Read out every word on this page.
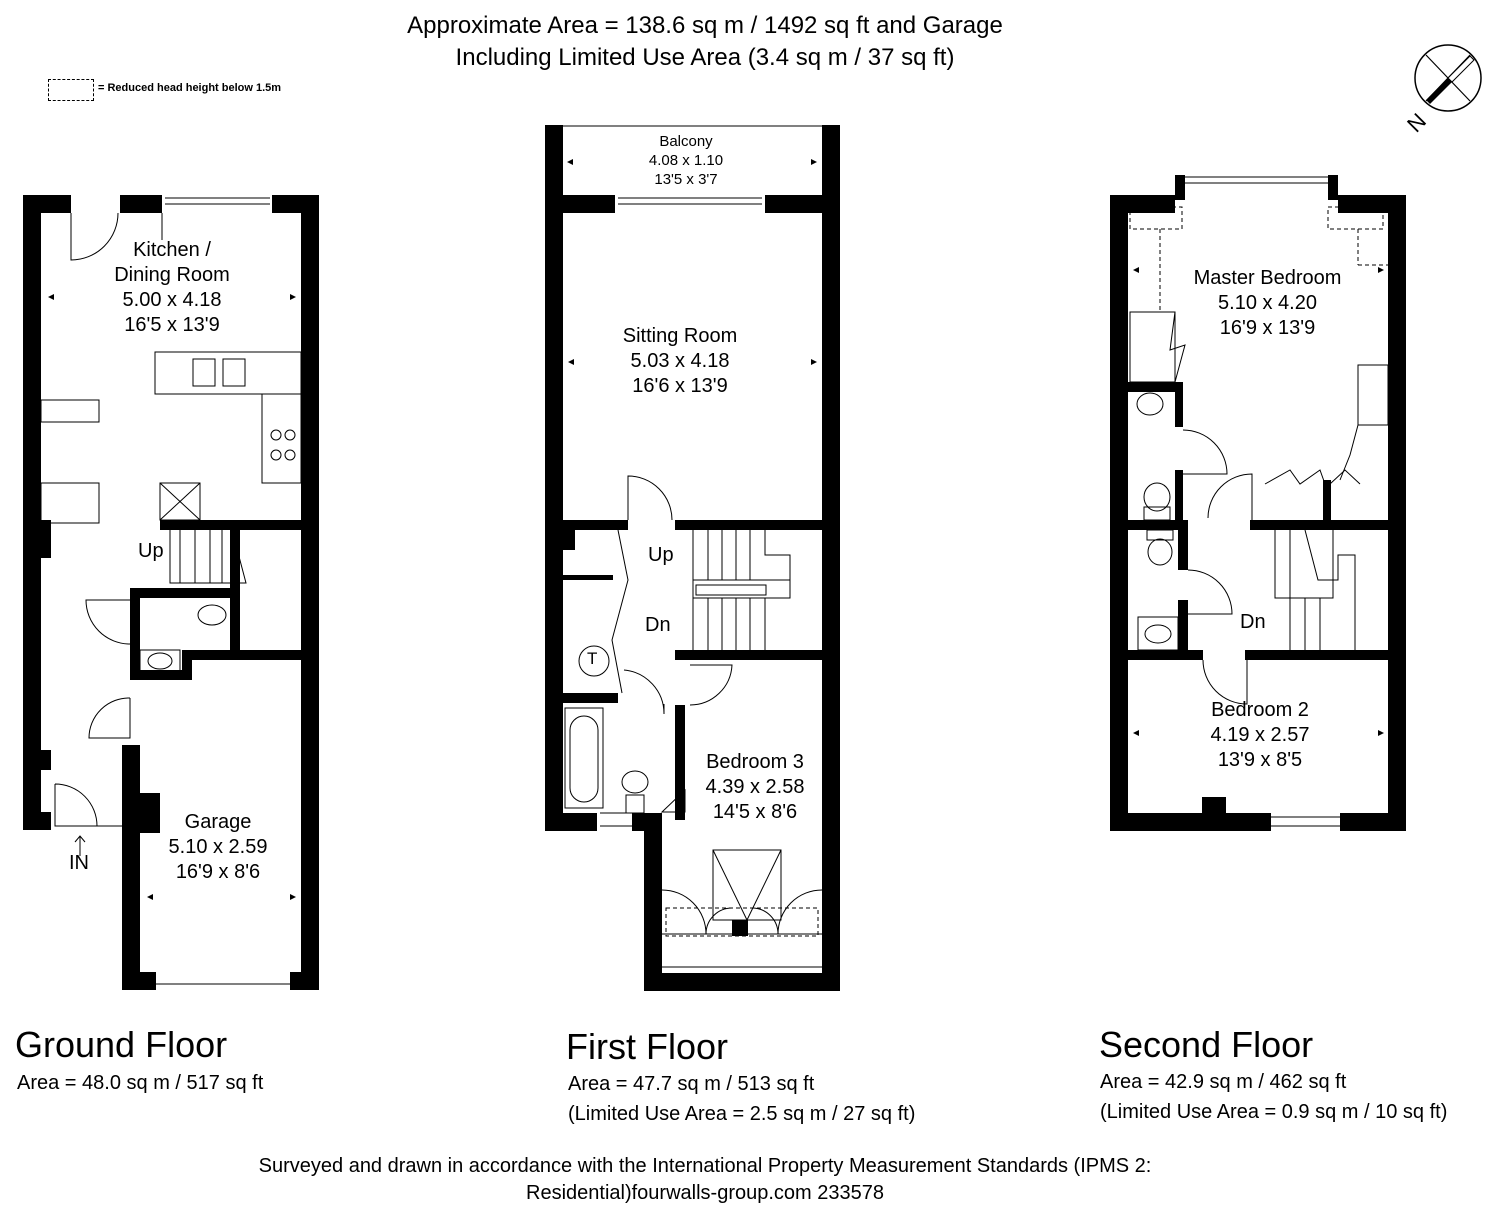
Approximate Area = 138.6 sq m / 1492 sq ft and Garage
Including Limited Use Area (3.4 sq m / 37 sq ft)
= Reduced head height below 1.5m
N
Kitchen /
Dining Room
5.00 x 4.18
16'5 x 13'9
Up
Garage
5.10 x 2.59
16'9 x 8'6
IN
Balcony
4.08 x 1.10
13'5 x 3'7
Sitting Room
5.03 x 4.18
16'6 x 13'9
Up
Dn
T
Bedroom 3
4.39 x 2.58
14'5 x 8'6
Master Bedroom
5.10 x 4.20
16'9 x 13'9
Dn
Bedroom 2
4.19 x 2.57
13'9 x 8'5
Ground Floor
Area = 48.0 sq m / 517 sq ft
First Floor
Area = 47.7 sq m / 513 sq ft
(Limited Use Area = 2.5 sq m / 27 sq ft)
Second Floor
Area = 42.9 sq m / 462 sq ft
(Limited Use Area = 0.9 sq m / 10 sq ft)
Surveyed and drawn in accordance with the International Property Measurement Standards (IPMS 2:
Residential)fourwalls-group.com 233578
